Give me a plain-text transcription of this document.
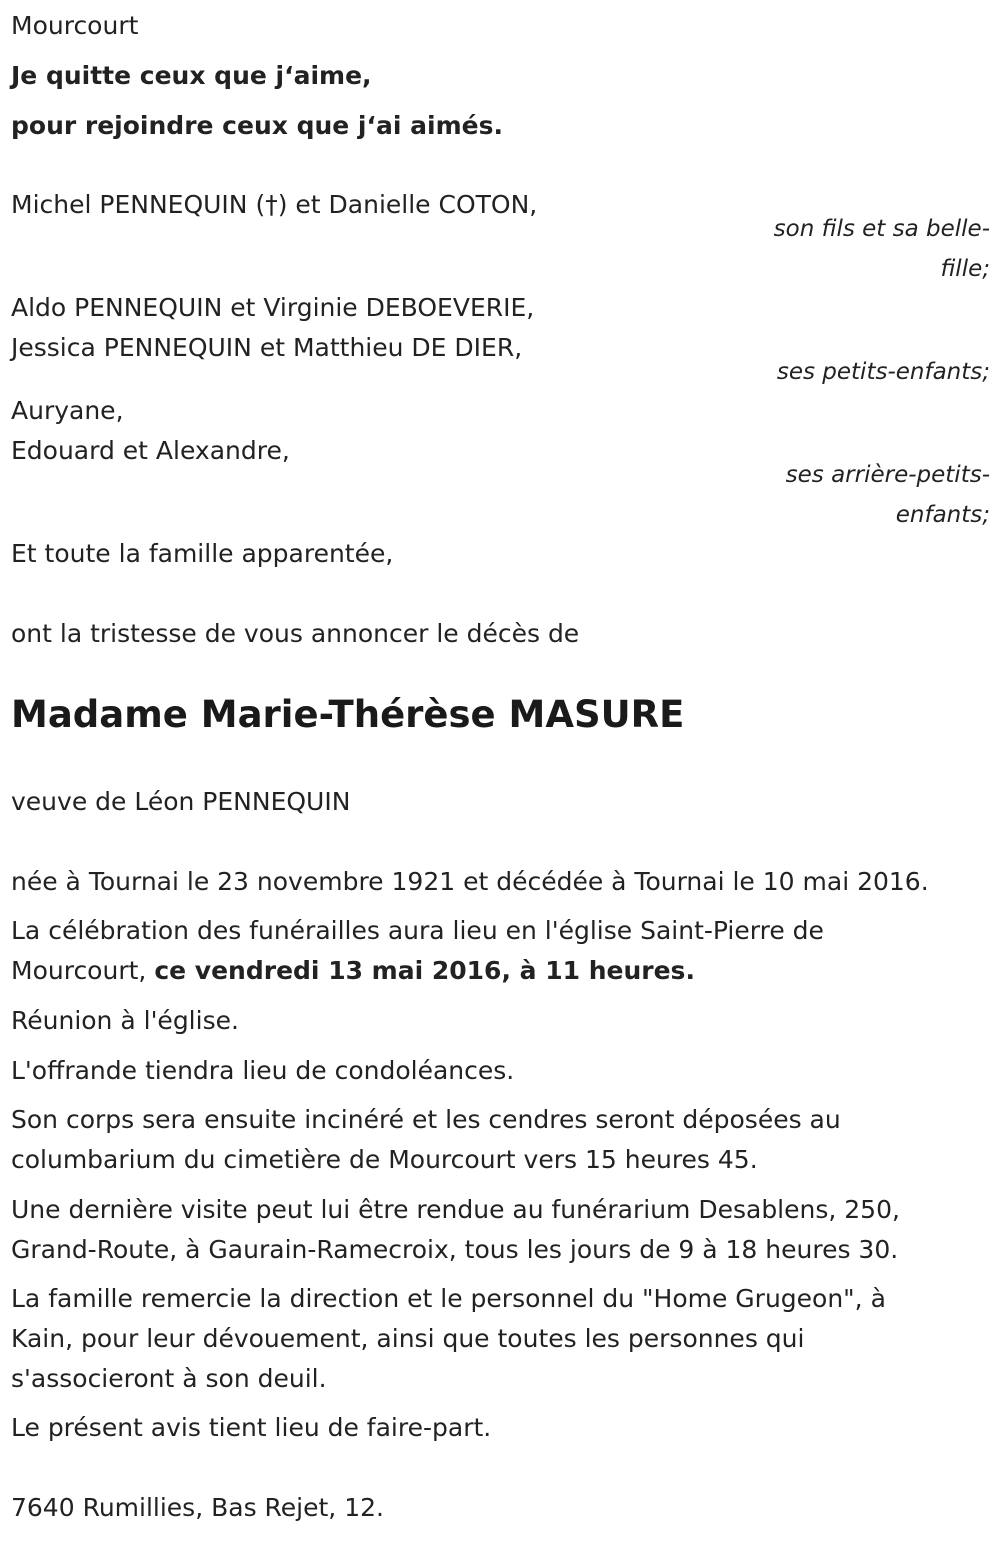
Mourcourt

Je quitte ceux que j‘aime,

pour rejoindre ceux que j‘ai aimés.

Michel PENNEQUIN (†) et Danielle COTON,

son fils et sa belle-

fille;

Aldo PENNEQUIN et Virginie DEBOEVERIE,

Jessica PENNEQUIN et Matthieu DE DIER,

ses petits-enfants;

Auryane,

Edouard et Alexandre,

ses arrière-petits-

enfants;

Et toute la famille apparentée,

ont la tristesse de vous annoncer le décès de

Madame Marie-Thérèse MASURE

veuve de Léon PENNEQUIN

née à Tournai le 23 novembre 1921 et décédée à Tournai le 10 mai 2016.

La célébration des funérailles aura lieu en l'église Saint-Pierre de

Mourcourt, ce vendredi 13 mai 2016, à 11 heures.

Réunion à l'église.

L'offrande tiendra lieu de condoléances.

Son corps sera ensuite incinéré et les cendres seront déposées au

columbarium du cimetière de Mourcourt vers 15 heures 45.

Une dernière visite peut lui être rendue au funérarium Desablens, 250,

Grand-Route, à Gaurain-Ramecroix, tous les jours de 9 à 18 heures 30.

La famille remercie la direction et le personnel du "Home Grugeon", à

Kain, pour leur dévouement, ainsi que toutes les personnes qui

s'associeront à son deuil.

Le présent avis tient lieu de faire-part.

7640 Rumillies, Bas Rejet, 12.
